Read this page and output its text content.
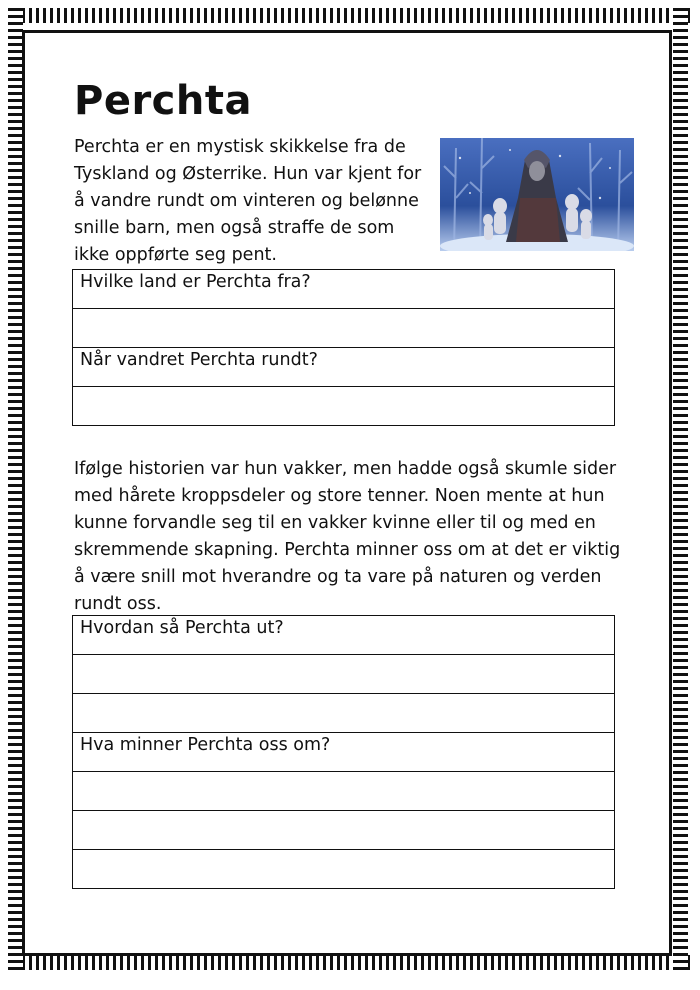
Perchta

Perchta er en mystisk skikkelse fra de Tyskland og Østerrike. Hun var kjent for å vandre rundt om vinteren og belønne snille barn, men også straffe de som ikke oppførte seg pent.

Hvilke land er Perchta fra?

Når vandret Perchta rundt?

Ifølge historien var hun vakker, men hadde også skumle sider med hårete kroppsdeler og store tenner. Noen mente at hun kunne forvandle seg til en vakker kvinne eller til og med en skremmende skapning. Perchta minner oss om at det er viktig å være snill mot hverandre og ta vare på naturen og verden rundt oss.

Hvordan så Perchta ut?

Hva minner Perchta oss om?
